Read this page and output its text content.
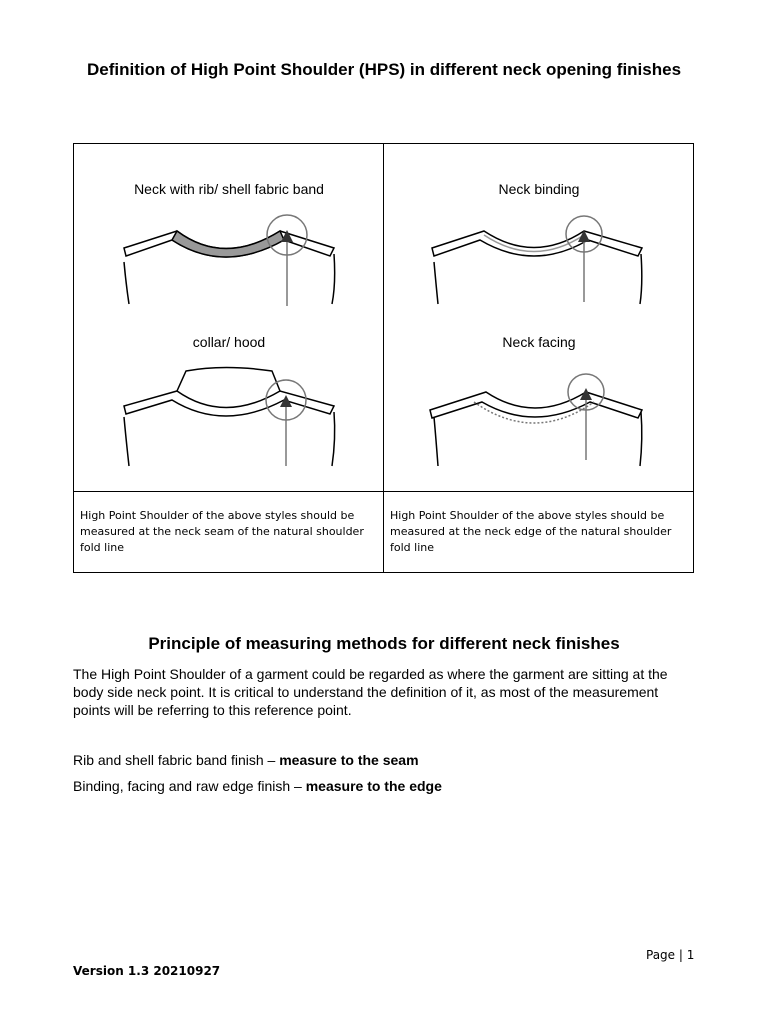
Definition of High Point Shoulder (HPS) in different neck opening finishes
Neck with rib/ shell fabric band	Neck binding
collar/ hood	Neck facing
High Point Shoulder of the above styles should be measured at the neck seam of the natural shoulder fold line
High Point Shoulder of the above styles should be measured at the neck edge of the natural shoulder fold line
Principle of measuring methods for different neck finishes
The High Point Shoulder of a garment could be regarded as where the garment are sitting at the body side neck point. It is critical to understand the definition of it, as most of the measurement points will be referring to this reference point.
Rib and shell fabric band finish – measure to the seam
Binding, facing and raw edge finish – measure to the edge
Page | 1
Version 1.3 20210927
